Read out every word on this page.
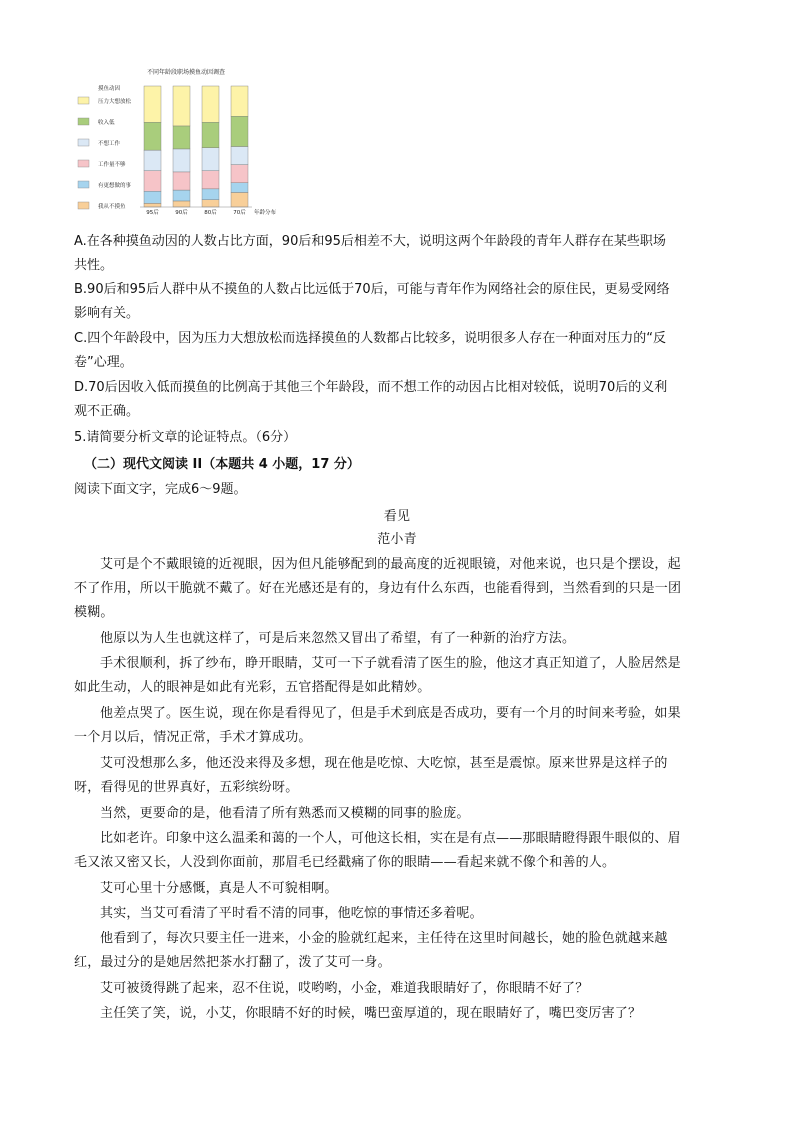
不同年龄段职场摸鱼动因调查
摸鱼动因
压力大想放松
收入低
不想工作
工作量不够
有更想做的事
我从不摸鱼
95后	90后	80后	70后 年龄分布

A.在各种摸鱼动因的人数占比方面，90后和95后相差不大，说明这两个年龄段的青年人群存在某些职场
共性。

B.90后和95后人群中从不摸鱼的人数占比远低于70后，可能与青年作为网络社会的原住民，更易受网络
影响有关。

C.四个年龄段中，因为压力大想放松而选择摸鱼的人数都占比较多，说明很多人存在一种面对压力的“反
卷”心理。

D.70后因收入低而摸鱼的比例高于其他三个年龄段，而不想工作的动因占比相对较低，说明70后的义利
观不正确。

5.请简要分析文章的论证特点。（6分）

（二）现代文阅读 II（本题共 4 小题，17 分）

阅读下面文字，完成6～9题。

看见

范小青

艾可是个不戴眼镜的近视眼，因为但凡能够配到的最高度的近视眼镜，对他来说，也只是个摆设，起
不了作用，所以干脆就不戴了。好在光感还是有的，身边有什么东西，也能看得到，当然看到的只是一团
模糊。

他原以为人生也就这样了，可是后来忽然又冒出了希望，有了一种新的治疗方法。

手术很顺利，拆了纱布，睁开眼睛，艾可一下子就看清了医生的脸，他这才真正知道了，人脸居然是
如此生动，人的眼神是如此有光彩，五官搭配得是如此精妙。

他差点哭了。医生说，现在你是看得见了，但是手术到底是否成功，要有一个月的时间来考验，如果
一个月以后，情况正常，手术才算成功。

艾可没想那么多，他还没来得及多想，现在他是吃惊、大吃惊，甚至是震惊。原来世界是这样子的
呀，看得见的世界真好，五彩缤纷呀。

当然，更要命的是，他看清了所有熟悉而又模糊的同事的脸庞。

比如老许。印象中这么温柔和蔼的一个人，可他这长相，实在是有点——那眼睛瞪得跟牛眼似的、眉
毛又浓又密又长，人没到你面前，那眉毛已经戳痛了你的眼睛——看起来就不像个和善的人。

艾可心里十分感慨，真是人不可貌相啊。

其实，当艾可看清了平时看不清的同事，他吃惊的事情还多着呢。

他看到了，每次只要主任一进来，小金的脸就红起来，主任待在这里时间越长，她的脸色就越来越
红，最过分的是她居然把茶水打翻了，泼了艾可一身。

艾可被烫得跳了起来，忍不住说，哎哟哟，小金，难道我眼睛好了，你眼睛不好了？

主任笑了笑，说，小艾，你眼睛不好的时候，嘴巴蛮厚道的，现在眼睛好了，嘴巴变厉害了？
